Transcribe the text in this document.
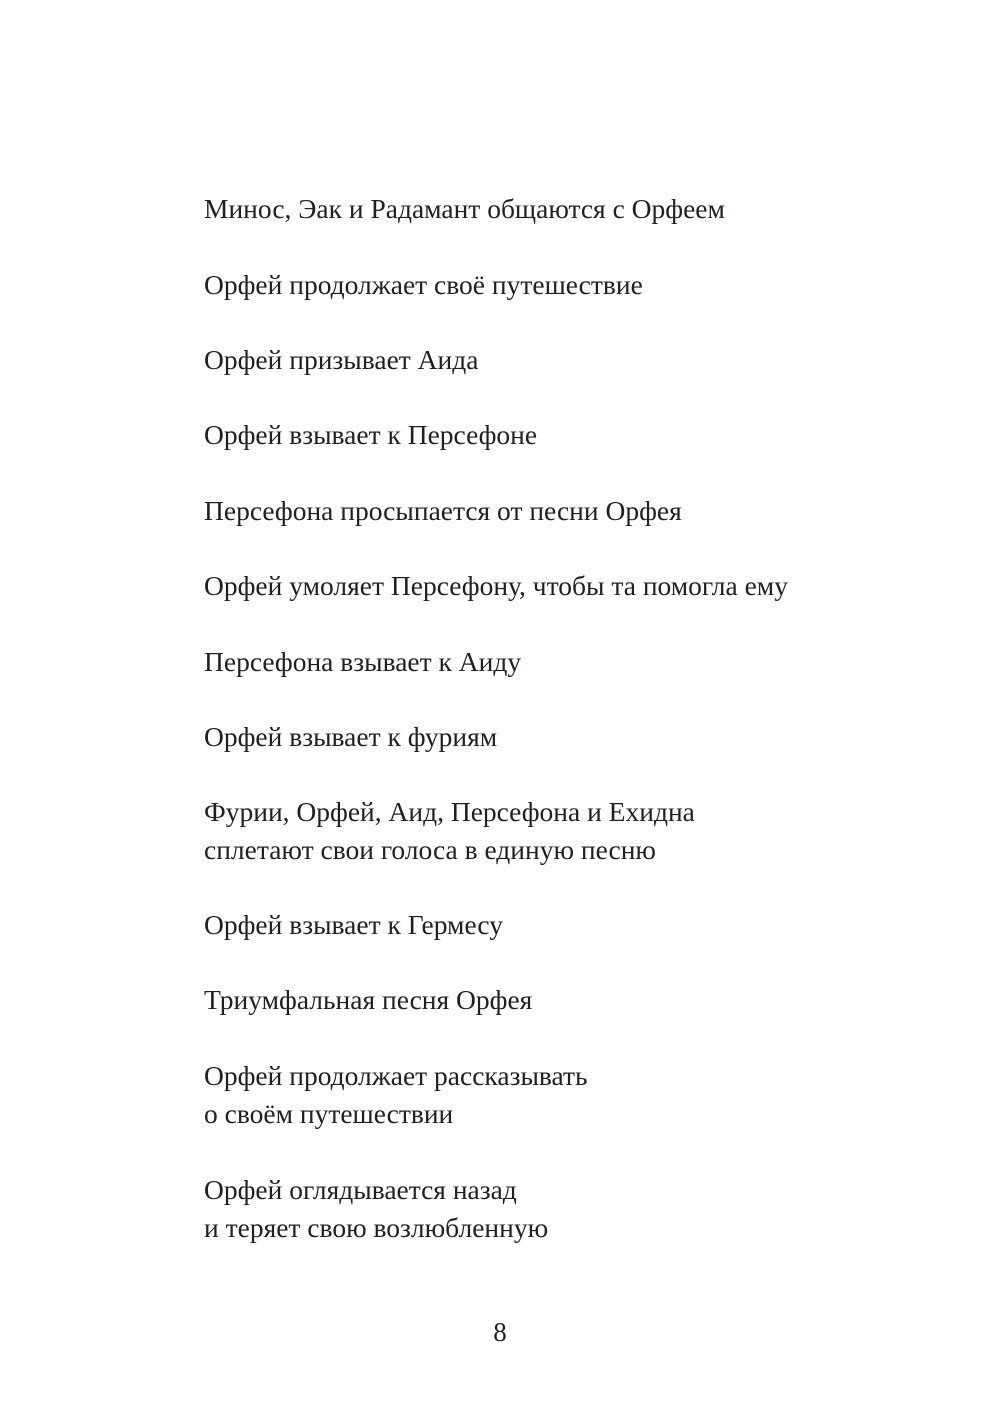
Минос, Эак и Радамант общаются с Орфеем
Орфей продолжает своё путешествие
Орфей призывает Аида
Орфей взывает к Персефоне
Персефона просыпается от песни Орфея
Орфей умоляет Персефону, чтобы та помогла ему
Персефона взывает к Аиду
Орфей взывает к фуриям
Фурии, Орфей, Аид, Персефона и Ехидна
сплетают свои голоса в единую песню
Орфей взывает к Гермесу
Триумфальная песня Орфея
Орфей продолжает рассказывать
о своём путешествии
Орфей оглядывается назад
и теряет свою возлюбленную
8
